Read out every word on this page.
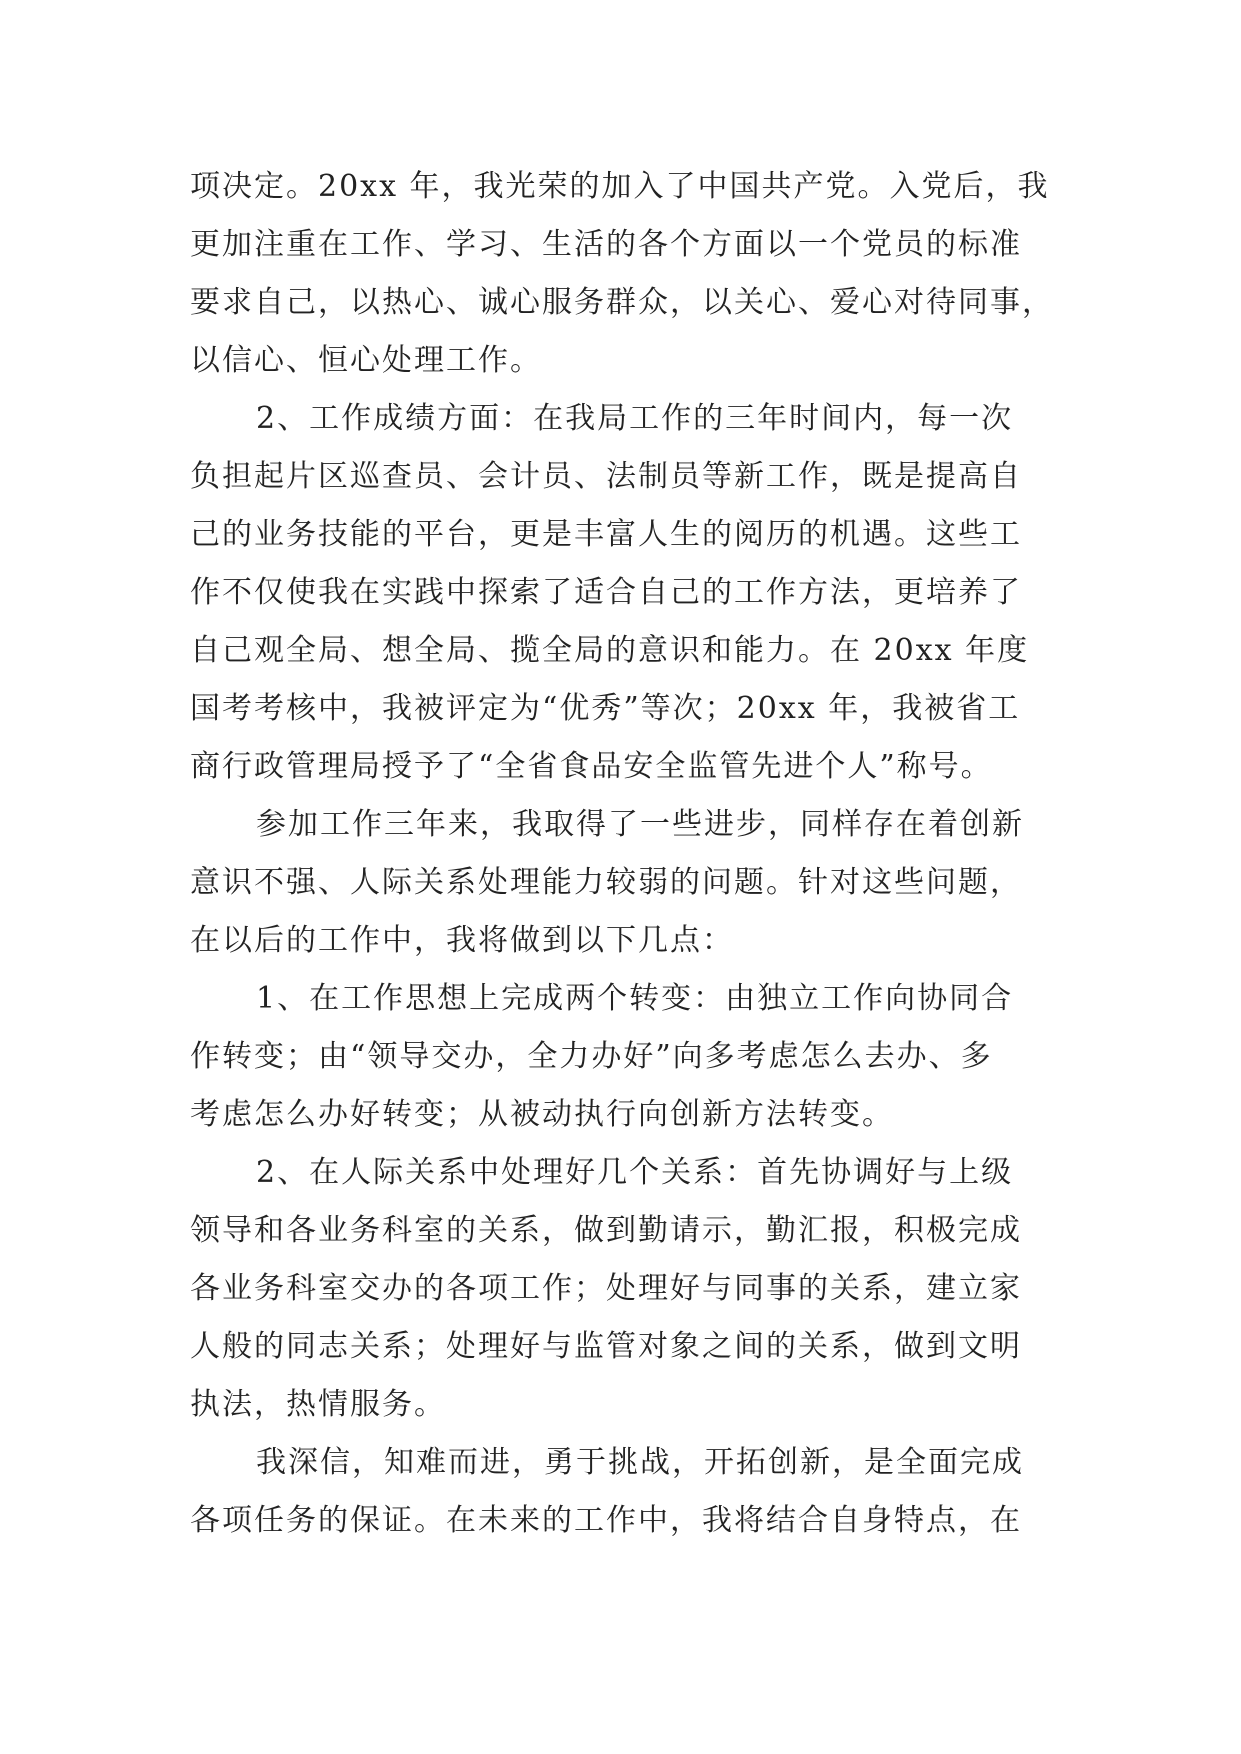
项决定。20xx 年，我光荣的加入了中国共产党。入党后，我
更加注重在工作、学习、生活的各个方面以一个党员的标准
要求自己，以热心、诚心服务群众，以关心、爱心对待同事，
以信心、恒心处理工作。
2、工作成绩方面：在我局工作的三年时间内，每一次
负担起片区巡查员、会计员、法制员等新工作，既是提高自
己的业务技能的平台，更是丰富人生的阅历的机遇。这些工
作不仅使我在实践中探索了适合自己的工作方法，更培养了
自己观全局、想全局、揽全局的意识和能力。在 20xx 年度
国考考核中，我被评定为“优秀”等次；20xx 年，我被省工
商行政管理局授予了“全省食品安全监管先进个人”称号。
参加工作三年来，我取得了一些进步，同样存在着创新
意识不强、人际关系处理能力较弱的问题。针对这些问题，
在以后的工作中，我将做到以下几点：
1、在工作思想上完成两个转变：由独立工作向协同合
作转变；由“领导交办，全力办好”向多考虑怎么去办、多
考虑怎么办好转变；从被动执行向创新方法转变。
2、在人际关系中处理好几个关系：首先协调好与上级
领导和各业务科室的关系，做到勤请示，勤汇报，积极完成
各业务科室交办的各项工作；处理好与同事的关系，建立家
人般的同志关系；处理好与监管对象之间的关系，做到文明
执法，热情服务。
我深信，知难而进，勇于挑战，开拓创新，是全面完成
各项任务的保证。在未来的工作中，我将结合自身特点，在
